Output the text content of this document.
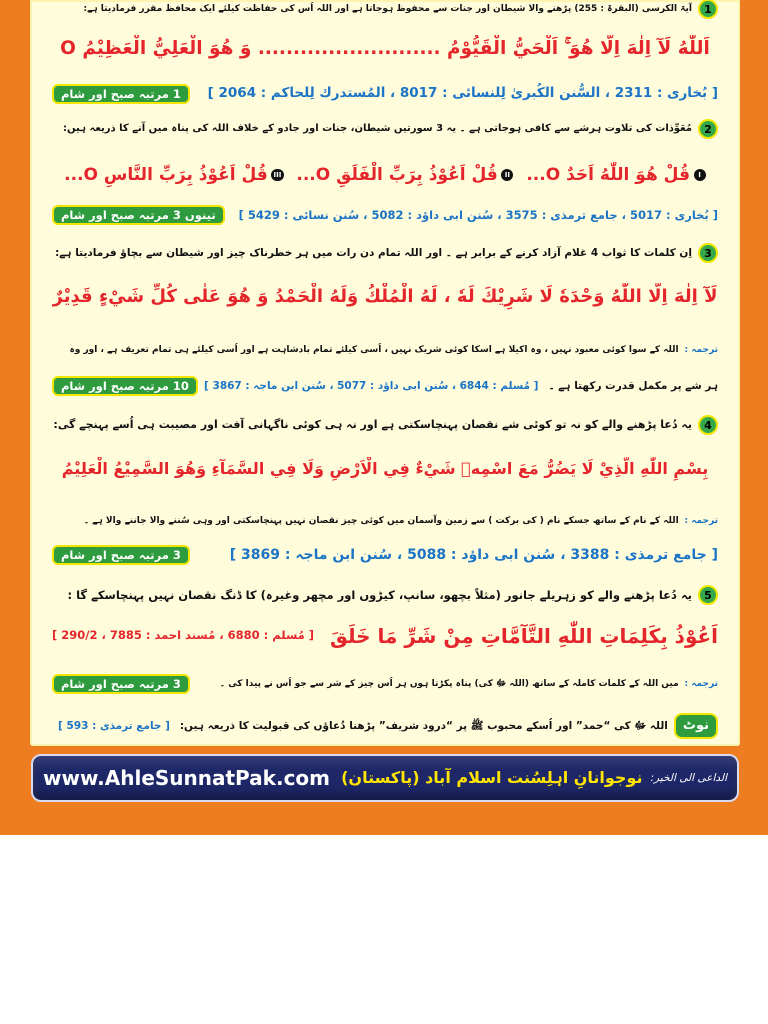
1
آیۃ الکرسی (البقرۃ : 255) پڑھنے والا شیطان اور جنات سے محفوظ ہوجاتا ہے اور اللہ اُس کی حفاظت کیلئے ایک محافظ مقرر فرمادیتا ہے:
اَللّٰهُ لَآ اِلٰهَ اِلَّا هُوَ ۚ اَلْحَيُّ الْقَيُّوْمُ .......................... وَ هُوَ الْعَلِيُّ الْعَظِيْمُ O
[ بُخاری : 2311 ، السُّنن الکُبریٰ لِلنسائی : 8017 ، المُستدرك لِلحاكم : 2064 ]
1 مرتبہ صبح اور شام
2
مُعَوِّذات کی تلاوت ہرشے سے کافی ہوجاتی ہے ۔ یہ 3 سورتیں شیطان، جنات اور جادو کے خلاف اللہ کی پناہ میں آنے کا ذریعہ ہیں:
Iقُلْ هُوَ اللّٰهُ اَحَدٌ O... IIقُلْ اَعُوْذُ بِرَبِّ الْفَلَقِ O... IIIقُلْ اَعُوْذُ بِرَبِّ النَّاسِ O...
[ بُخاری : 5017 ، جامع ترمذی : 3575 ، سُنن ابی داؤد : 5082 ، سُنن نسائی : 5429 ]
تینوں 3 مرتبہ صبح اور شام
3
اِن کلمات کا ثواب 4 غلام آزاد کرنے کے برابر ہے ۔ اور اللہ تمام دن رات میں ہر خطرناک چیز اور شیطان سے بچاؤ فرمادیتا ہے:
لَآ اِلٰهَ اِلَّا اللّٰهُ وَحْدَهٗ لَا شَرِيْكَ لَهٗ ، لَهُ الْمُلْكُ وَلَهُ الْحَمْدُ وَ هُوَ عَلٰى كُلِّ شَيْءٍ قَدِيْرٌ
ترجمہ : اللہ کے سوا کوئی معبود نہیں ، وہ اکیلا ہے اسکا کوئی شریک نہیں ، اُسی کیلئے تمام بادشاہت ہے اور اُسی کیلئے ہی تمام تعریف ہے ، اور وہ
ہر شے پر مکمل قدرت رکھتا ہے ۔ [ مُسلم : 6844 ، سُنن ابی داؤد : 5077 ، سُنن ابن ماجہ : 3867 ]
10 مرتبہ صبح اور شام
4
یہ دُعا پڑھنے والے کو نہ تو کوئی شے نقصان پہنچاسکتی ہے اور نہ ہی کوئی ناگہانی آفت اور مصیبت ہی اُسے پہنچے گی:
بِسْمِ اللّٰهِ الَّذِيْ لَا يَضُرُّ مَعَ اسْمِهٖ شَيْءٌ فِي الْاَرْضِ وَلَا فِي السَّمَآءِ وَهُوَ السَّمِيْعُ الْعَلِيْمُ
ترجمہ : اللہ کے نام کے ساتھ جسکے نام ( کی برکت ) سے زمین وآسمان میں کوئی چیز نقصان نہیں پہنچاسکتی اور وہی سُننے والا جاننے والا ہے ۔
[ جامع ترمذی : 3388 ، سُنن ابی داؤد : 5088 ، سُنن ابن ماجہ : 3869 ]
3 مرتبہ صبح اور شام
5
یہ دُعا پڑھنے والے کو زہریلے جانور (مثلاً بچھو، سانپ، کیڑوں اور مچھر وغیرہ) کا ڈنگ نقصان نہیں پہنچاسکے گا :
اَعُوْذُ بِكَلِمَاتِ اللّٰهِ التَّآمَّاتِ مِنْ شَرِّ مَا خَلَقَ
[ مُسلم : 6880 ، مُسند احمد : 7885 ، 290/2 ]
ترجمہ : میں اللہ کے کلمات کاملہ کے ساتھ (اللہ ﷻ کی) پناہ پکڑتا ہوں ہر اُس چیز کے شر سے جو اُس نے پیدا کی ۔
3 مرتبہ صبح اور شام
نوٹ
اللہ ﷻ کی “حمد” اور اُسکے محبوب ﷺ پر “درود شریف” پڑھنا دُعاؤں کی قبولیت کا ذریعہ ہیں: [ جامع ترمذی : 593 ]
www.AhleSunnatPak.com	الداعی الی الخیر:
نوجوانانِ اہلِسُنت اسلام آباد (پاکستان)
